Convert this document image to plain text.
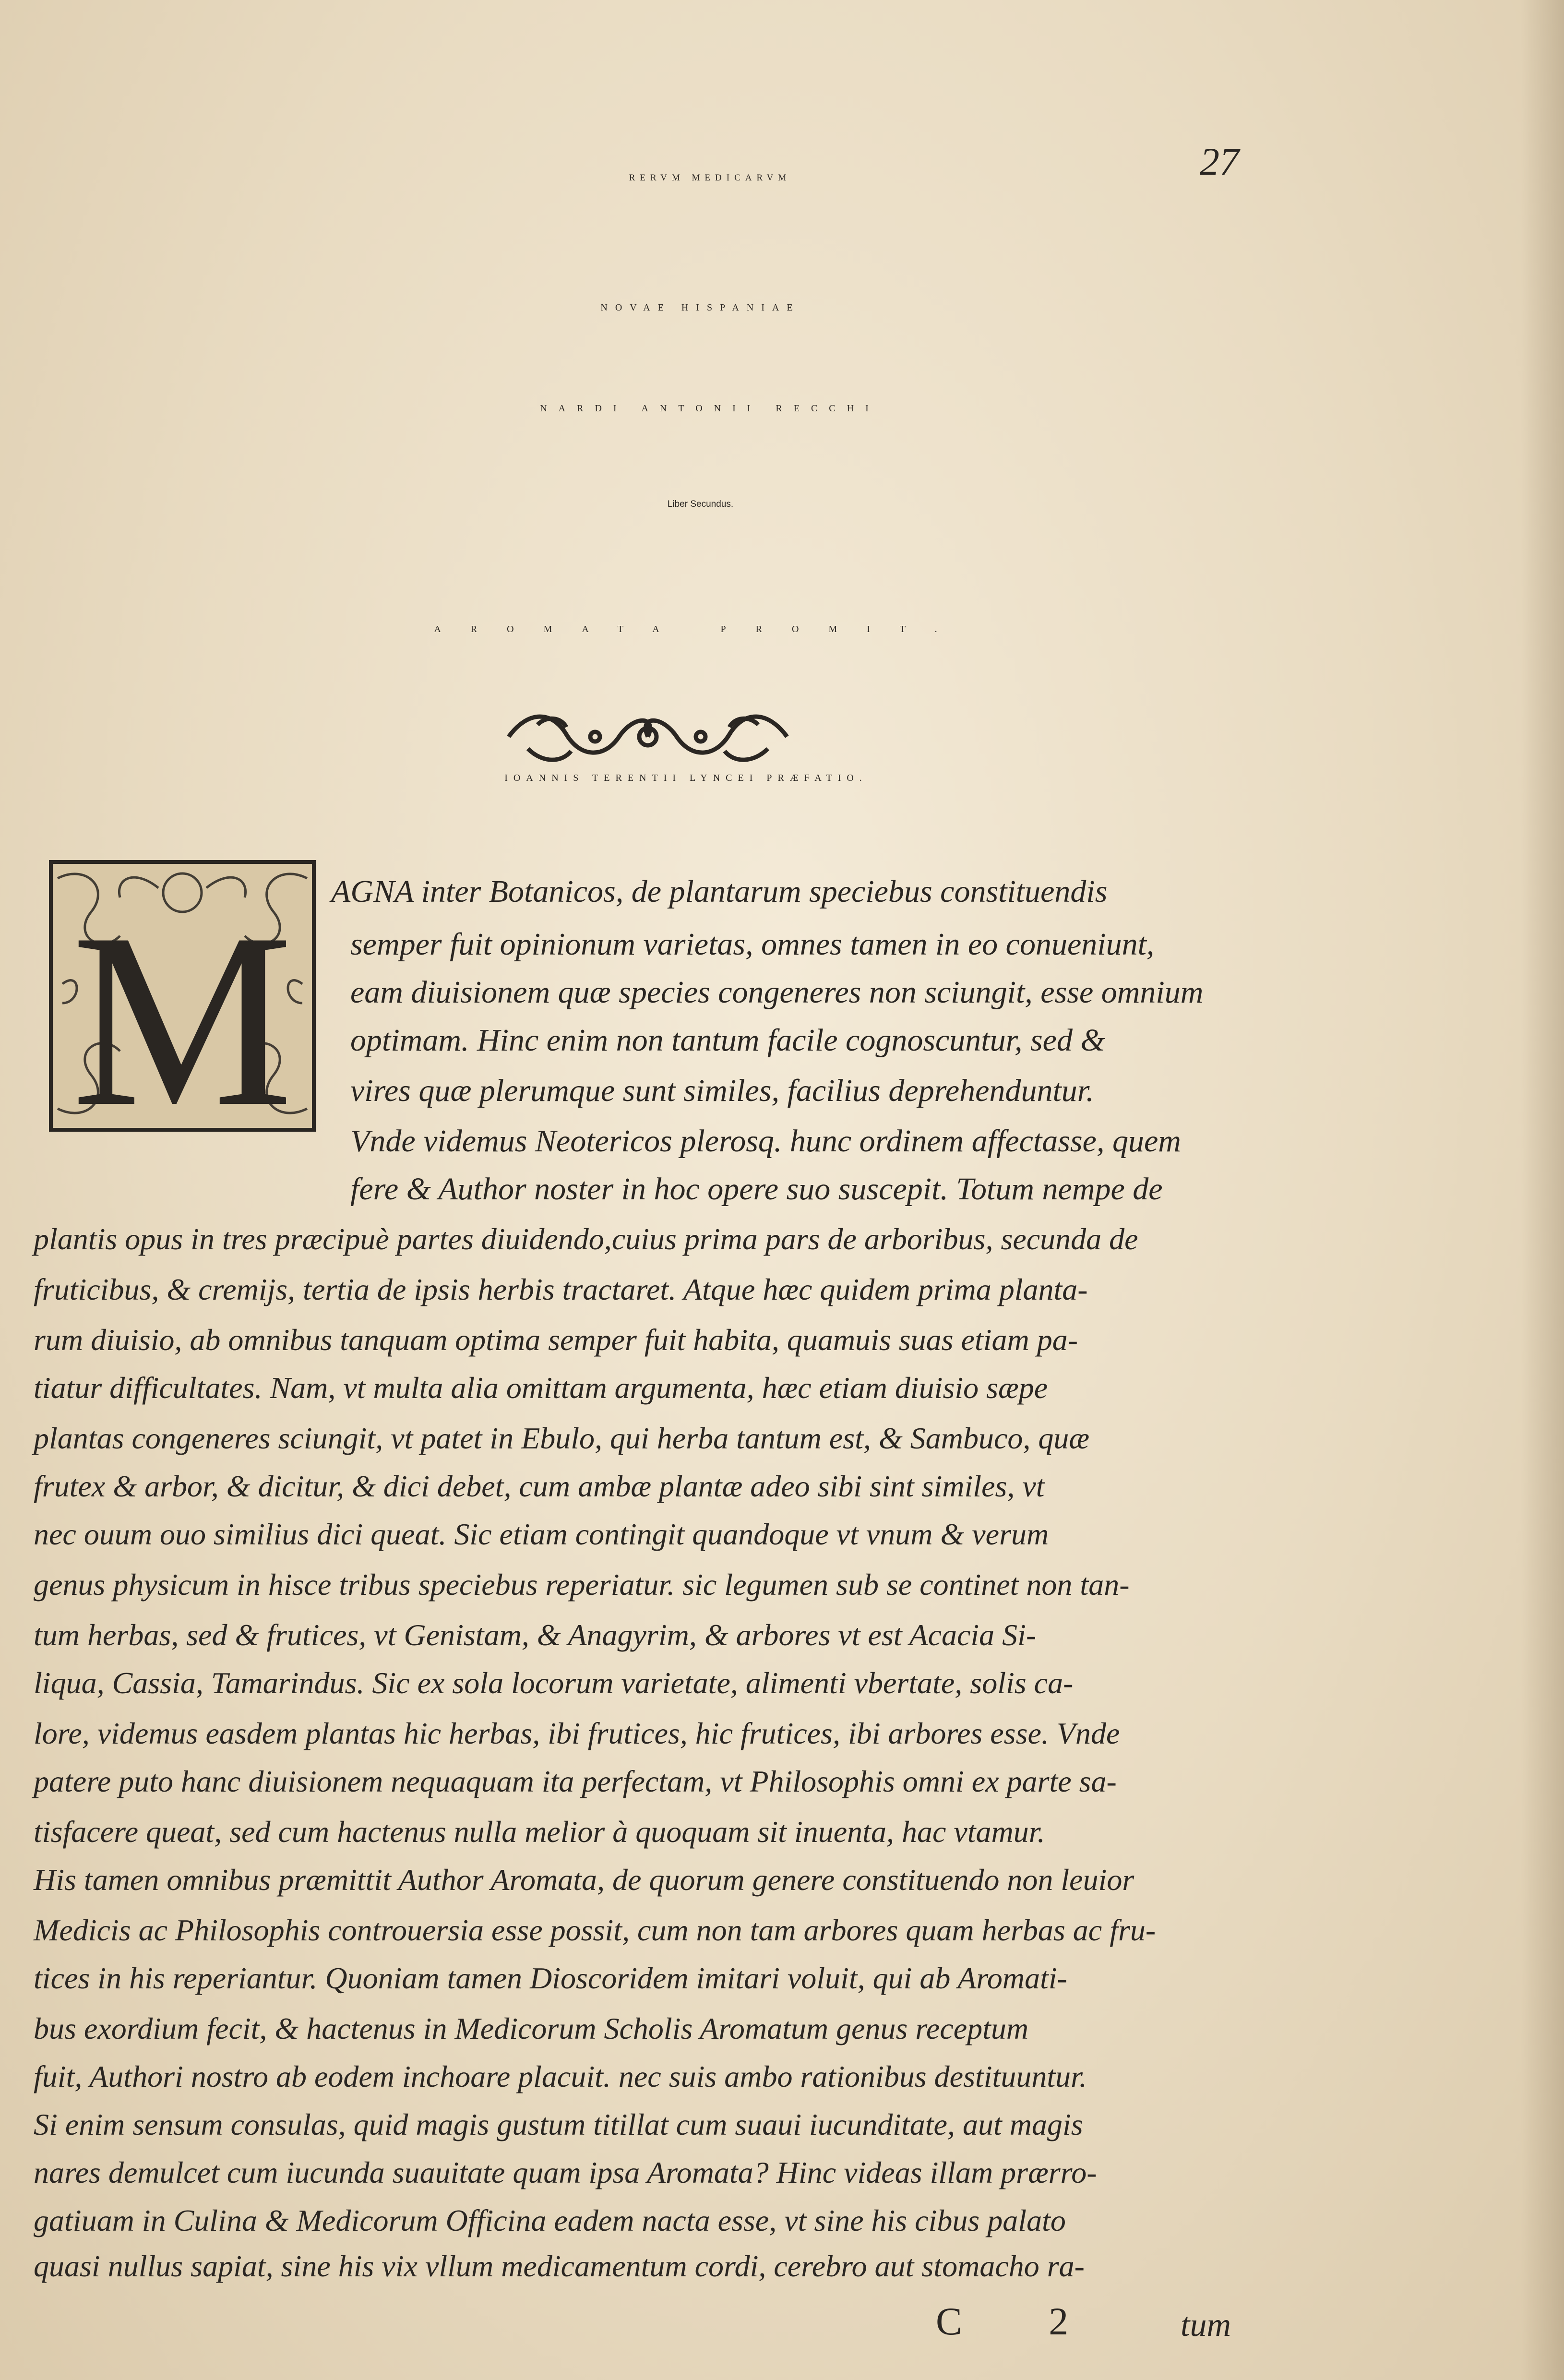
27
RERVM MEDICARVM
NOVAE HISPANIAE
NARDI ANTONII RECCHI
Liber Secundus.
AROMATA PROMIT.
IOANNIS TERENTII LYNCEI PRÆFATIO.
M AGNA inter Botanicos, de plantarum speciebus constituendis
semper fuit opinionum varietas, omnes tamen in eo conueniunt,
eam diuisionem quæ species congeneres non sciungit, esse omnium
optimam. Hinc enim non tantum facile cognoscuntur, sed &
vires quæ plerumque sunt similes, facilius deprehenduntur.
Vnde videmus Neotericos plerosq. hunc ordinem affectasse, quem
fere & Author noster in hoc opere suo suscepit. Totum nempe de
plantis opus in tres præcipuè partes diuidendo,cuius prima pars de arboribus, secunda de
fruticibus, & cremijs, tertia de ipsis herbis tractaret. Atque hæc quidem prima planta-
rum diuisio, ab omnibus tanquam optima semper fuit habita, quamuis suas etiam pa-
tiatur difficultates. Nam, vt multa alia omittam argumenta, hæc etiam diuisio sæpe
plantas congeneres sciungit, vt patet in Ebulo, qui herba tantum est, & Sambuco, quæ
frutex & arbor, & dicitur, & dici debet, cum ambæ plantæ adeo sibi sint similes, vt
nec ouum ouo similius dici queat. Sic etiam contingit quandoque vt vnum & verum
genus physicum in hisce tribus speciebus reperiatur. sic legumen sub se continet non tan-
tum herbas, sed & frutices, vt Genistam, & Anagyrim, & arbores vt est Acacia Si-
liqua, Cassia, Tamarindus. Sic ex sola locorum varietate, alimenti vbertate, solis ca-
lore, videmus easdem plantas hic herbas, ibi frutices, hic frutices, ibi arbores esse. Vnde
patere puto hanc diuisionem nequaquam ita perfectam, vt Philosophis omni ex parte sa-
tisfacere queat, sed cum hactenus nulla melior à quoquam sit inuenta, hac vtamur.
His tamen omnibus præmittit Author Aromata, de quorum genere constituendo non leuior
Medicis ac Philosophis controuersia esse possit, cum non tam arbores quam herbas ac fru-
tices in his reperiantur. Quoniam tamen Dioscoridem imitari voluit, qui ab Aromati-
bus exordium fecit, & hactenus in Medicorum Scholis Aromatum genus receptum
fuit, Authori nostro ab eodem inchoare placuit. nec suis ambo rationibus destituuntur.
Si enim sensum consulas, quid magis gustum titillat cum suaui iucunditate, aut magis
nares demulcet cum iucunda suauitate quam ipsa Aromata? Hinc videas illam prærro-
gatiuam in Culina & Medicorum Officina eadem nacta esse, vt sine his cibus palato
quasi nullus sapiat, sine his vix vllum medicamentum cordi, cerebro aut stomacho ra-
C 2 tum
